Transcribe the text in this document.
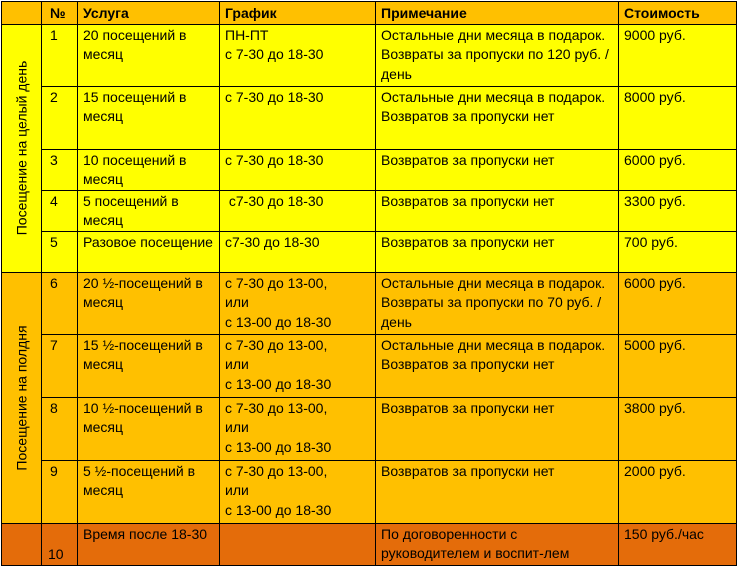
	№	Услуга	График	Примечание	Стоимость

Посещение на целый день	1	20 посещений в месяц	ПН-ПТ
с 7-30 до 18-30	Остальные дни месяца в подарок. Возвраты за пропуски по 120 руб. /день	9000 руб.
	2	15 посещений в месяц	с 7-30 до 18-30	Остальные дни месяца в подарок. Возвратов за пропуски нет	8000 руб.
	3	10 посещений в месяц	с 7-30 до 18-30	Возвратов за пропуски нет	6000 руб.
	4	5 посещений в месяц	с7-30 до 18-30	Возвратов за пропуски нет	3300 руб.
	5	Разовое посещение	с7-30 до 18-30	Возвратов за пропуски нет	700 руб.

Посещение на полдня	6	20 ½-посещений в месяц	с 7-30 до 13-00,
или
с 13-00 до 18-30	Остальные дни месяца в подарок. Возвраты за пропуски по 70 руб. /день	6000 руб.
	7	15 ½-посещений в месяц	с 7-30 до 13-00,
или
с 13-00 до 18-30	Остальные дни месяца в подарок. Возвратов за пропуски нет	5000 руб.
	8	10 ½-посещений в месяц	с 7-30 до 13-00,
или
с 13-00 до 18-30	Возвратов за пропуски нет	3800 руб.
	9	5 ½-посещений в месяц	с 7-30 до 13-00,
или
с 13-00 до 18-30	Возвратов за пропуски нет	2000 руб.
	10	Время после 18-30		По договоренности с руководителем и воспит-лем	150 руб./час
